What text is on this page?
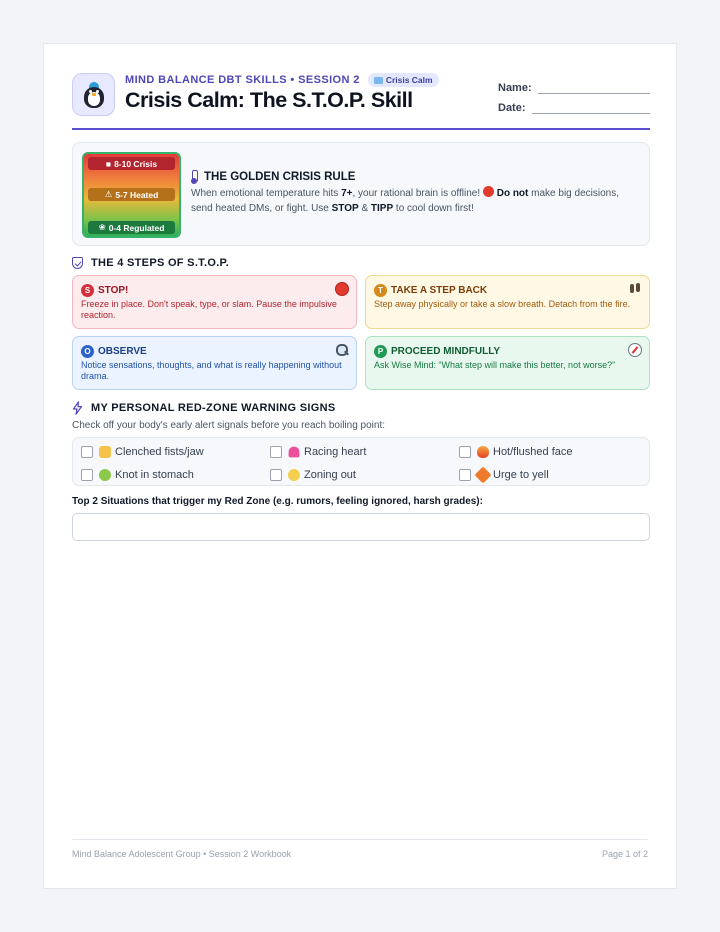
MIND BALANCE DBT SKILLS • SESSION 2	Crisis Calm
Crisis Calm: The S.T.O.P. Skill	Name:
Date:
■ 8-10 Crisis
⚠ 5-7 Heated
❀ 0-4 Regulated
THE GOLDEN CRISIS RULE
When emotional temperature hits 7+, your rational brain is offline!  Do not make big decisions, send heated DMs, or fight. Use STOP & TIPP to cool down first!
THE 4 STEPS OF S.T.O.P.
S STOP!
Freeze in place. Don't speak, type, or slam. Pause the impulsive reaction.
T TAKE A STEP BACK
Step away physically or take a slow breath. Detach from the fire.
O OBSERVE
Notice sensations, thoughts, and what is really happening without drama.
P PROCEED MINDFULLY
Ask Wise Mind: “What step will make this better, not worse?”
MY PERSONAL RED-ZONE WARNING SIGNS
Check off your body's early alert signals before you reach boiling point:
Clenched fists/jaw	Racing heart	Hot/flushed face
Knot in stomach	Zoning out	Urge to yell
Top 2 Situations that trigger my Red Zone (e.g. rumors, feeling ignored, harsh grades):
Mind Balance Adolescent Group • Session 2 Workbook	Page 1 of 2
